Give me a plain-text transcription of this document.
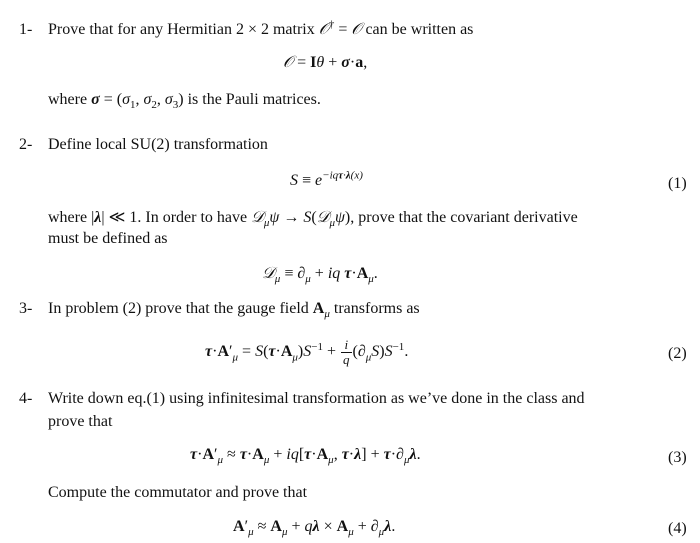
1- Prove that for any Hermitian 2 × 2 matrix 𝒪† = 𝒪 can be written as
𝒪 = Iθ + σ·a,
where $\sigma = (\sigma_1$, $\sigma_2$, $\sigma_3$) is the Pauli matrices.
2- Define local SU(2) transformation
$S \equiv e^{-iq\tau\cdot\lambda(x)}$	(1)
where |λ| ≪ 1. In order to have 𝒟$_\mu$ψ → S(𝒟$_\mu$ψ), prove that the covariant derivative
must be defined as
𝒟$_\mu$ ≡ $\partial_\mu$ + iq $\tau\cdot A_\mu$.
3- In problem (2) prove that the gauge field $A_\mu$ transforms as
$\tau\cdot A'_\mu = S(\tau\cdot A_\mu)S^{-1} + \frac{i}{q} (\partial_\mu S)S^{-1}$.	(2)
4- Write down eq.(1) using infinitesimal transformation as we’ve done in the class and
prove that
$\tau\cdot A'_\mu \approx \tau\cdot A_\mu + iq[\tau\cdot A_\mu$, $\tau\cdot\lambda] + \tau\cdot\partial_\mu\lambda$.	(3)
Compute the commutator and prove that
$A'_\mu \approx A_\mu + q\lambda \times A_\mu + \partial_\mu\lambda$.	(4)
